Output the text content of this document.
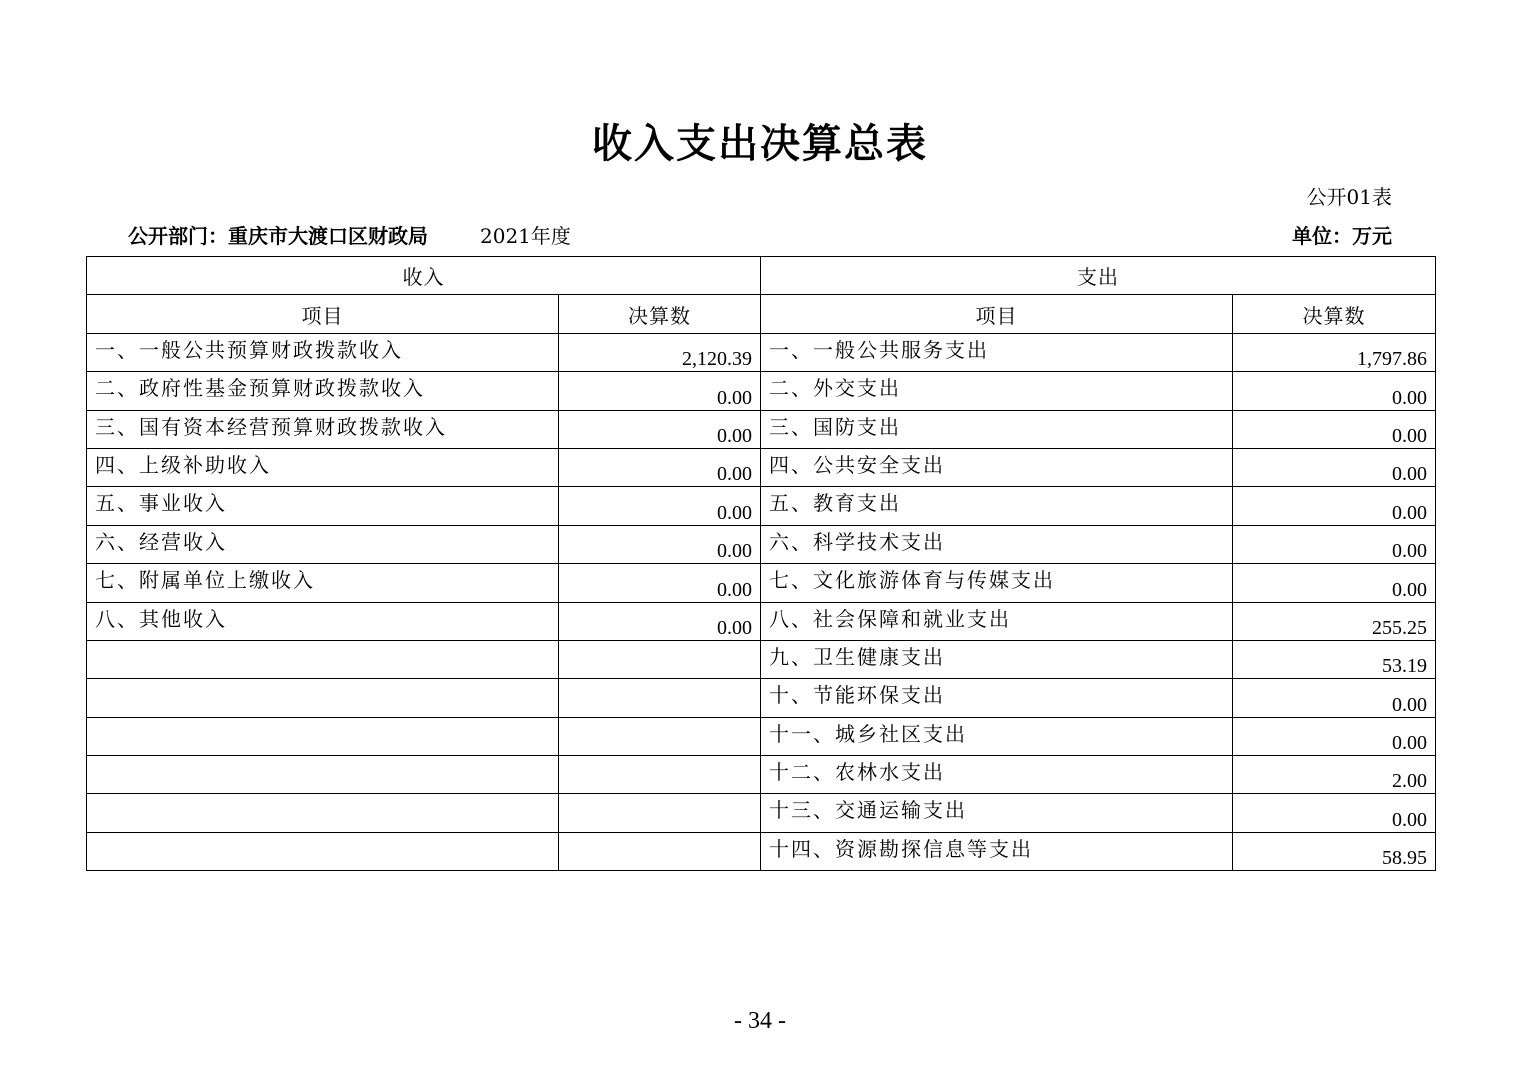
收入支出决算总表
公开01表
公开部门：重庆市大渡口区财政局	2021年度	单位：万元
收入		支出	
项目	决算数	项目	决算数
一、一般公共预算财政拨款收入	2,120.39	一、一般公共服务支出	1,797.86
二、政府性基金预算财政拨款收入	0.00	二、外交支出	0.00
三、国有资本经营预算财政拨款收入	0.00	三、国防支出	0.00
四、上级补助收入	0.00	四、公共安全支出	0.00
五、事业收入	0.00	五、教育支出	0.00
六、经营收入	0.00	六、科学技术支出	0.00
七、附属单位上缴收入	0.00	七、文化旅游体育与传媒支出	0.00
八、其他收入	0.00	八、社会保障和就业支出	255.25
		九、卫生健康支出	53.19
		十、节能环保支出	0.00
		十一、城乡社区支出	0.00
		十二、农林水支出	2.00
		十三、交通运输支出	0.00
		十四、资源勘探信息等支出	58.95
- 34 -
